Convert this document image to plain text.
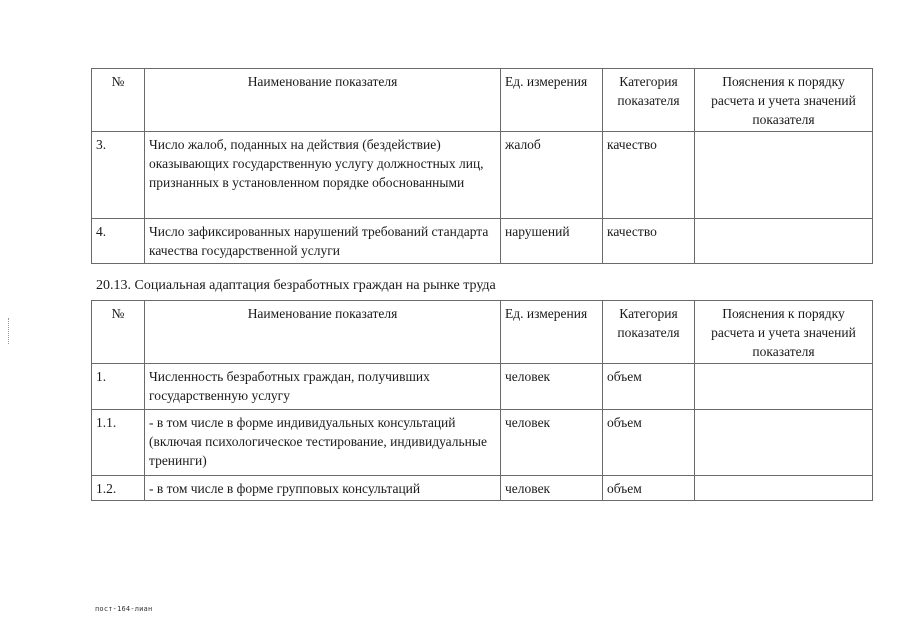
№	Наименование показателя	Ед. измерения	Категория показателя	Пояснения к порядку расчета и учета значений показателя
3.	Число жалоб, поданных на действия (бездействие) оказывающих государственную услугу должностных лиц, признанных в установленном порядке обоснованными	жалоб	качество	
4.	Число зафиксированных нарушений требований стандарта качества государственной услуги	нарушений	качество	
20.13. Социальная адаптация безработных граждан на рынке труда
№	Наименование показателя	Ед. измерения	Категория показателя	Пояснения к порядку расчета и учета значений показателя
1.	Численность безработных граждан, получивших государственную услугу	человек	объем	
1.1.	- в том числе в форме индивидуальных консультаций (включая психологическое тестирование, индивидуальные тренинги)	человек	объем	
1.2.	- в том числе в форме групповых консультаций	человек	объем	
пост-164-лиан
